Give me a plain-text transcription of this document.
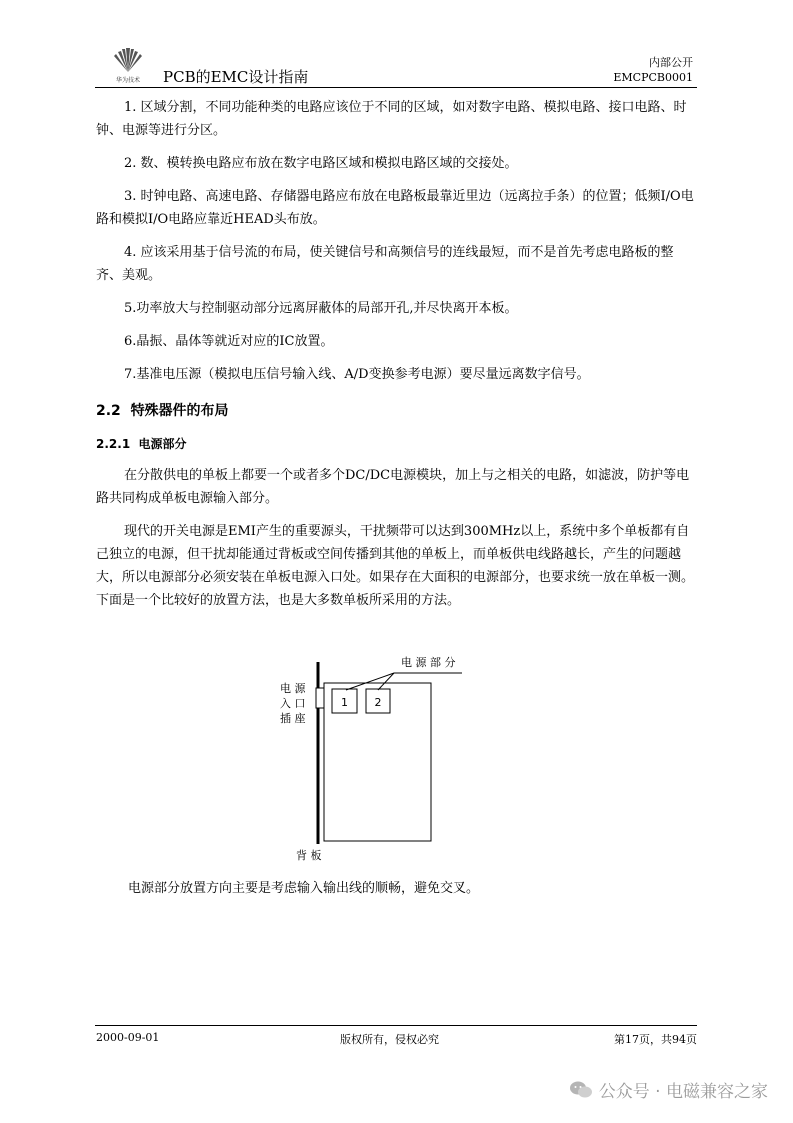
华为技术 PCB的EMC设计指南
内部公开
EMCPCB0001

1. 区域分割，不同功能种类的电路应该位于不同的区域，如对数字电路、模拟电路、接口电路、时钟、电源等进行分区。

2. 数、模转换电路应布放在数字电路区域和模拟电路区域的交接处。

3. 时钟电路、高速电路、存储器电路应布放在电路板最靠近里边（远离拉手条）的位置；低频I/O电路和模拟I/O电路应靠近HEAD头布放。

4. 应该采用基于信号流的布局，使关键信号和高频信号的连线最短，而不是首先考虑电路板的整齐、美观。

5.功率放大与控制驱动部分远离屏蔽体的局部开孔,并尽快离开本板。

6.晶振、晶体等就近对应的IC放置。

7.基准电压源（模拟电压信号输入线、A/D变换参考电源）要尽量远离数字信号。

2.2 特殊器件的布局
2.2.1 电源部分

在分散供电的单板上都要一个或者多个DC/DC电源模块，加上与之相关的电路，如滤波，防护等电路共同构成单板电源输入部分。

现代的开关电源是EMI产生的重要源头，干扰频带可以达到300MHz以上，系统中多个单板都有自己独立的电源，但干扰却能通过背板或空间传播到其他的单板上，而单板供电线路越长，产生的问题越大，所以电源部分必须安装在单板电源入口处。如果存在大面积的电源部分，也要求统一放在单板一测。下面是一个比较好的放置方法，也是大多数单板所采用的方法。

1 2
电 源 部 分
电 源
入 口
插 座
背 板
电源部分放置方向主要是考虑输入输出线的顺畅，避免交叉。
2000-09-01	版权所有，侵权必究	第17页，共94页
公众号 · 电磁兼容之家
